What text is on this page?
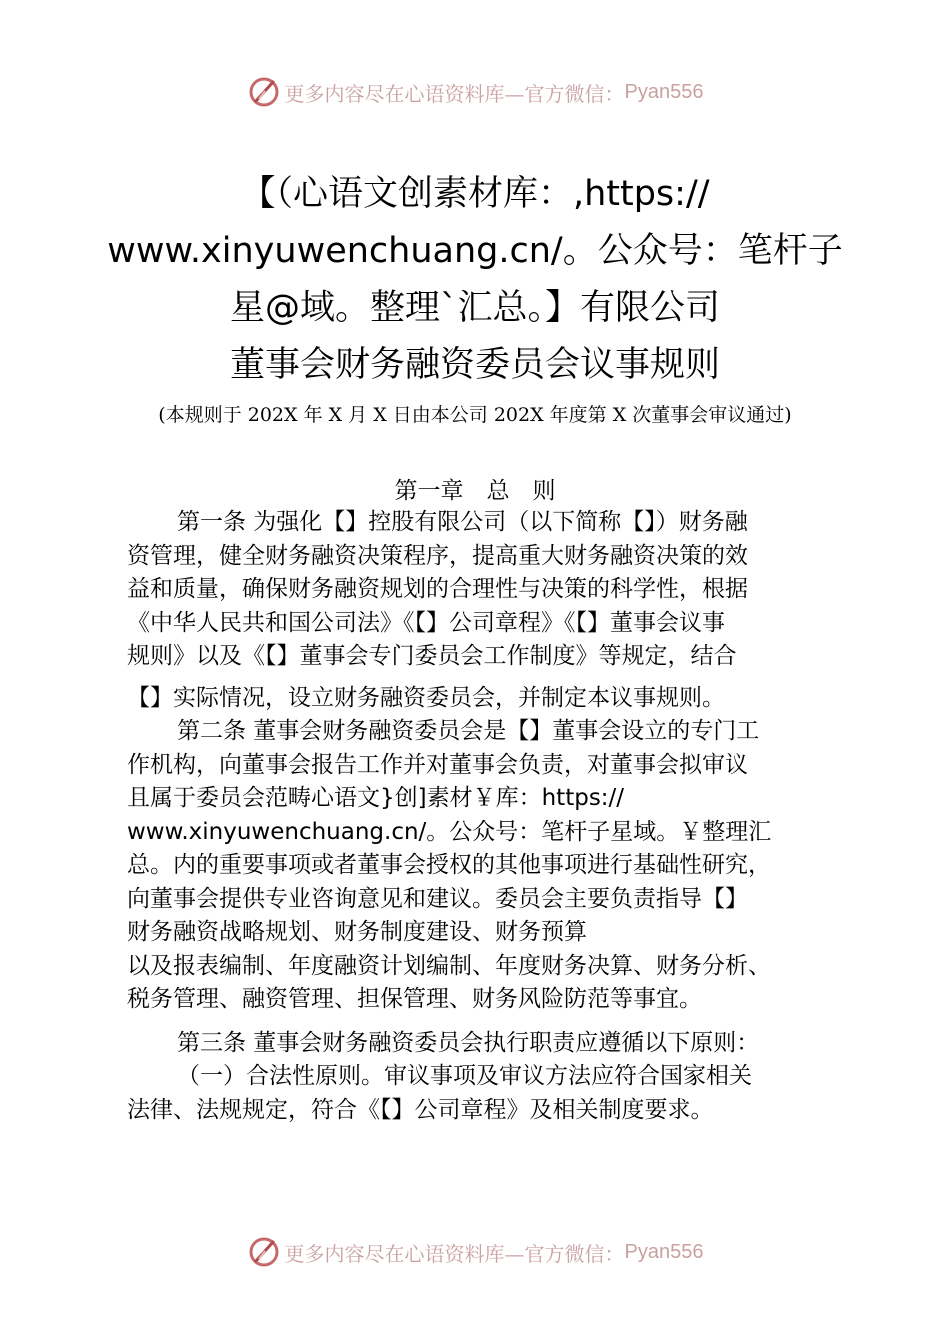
更多内容尽在心语资料库—官方微信： Pyan556
【（心语文创素材库：,https://
www.xinyuwenchuang.cn/。公众号：笔杆子
星@域。整理`汇总。】有限公司
董事会财务融资委员会议事规则
(本规则于 202X 年 X 月 X 日由本公司 202X 年度第 X 次董事会审议通过)
第一章　总　则

第一条 为强化【】控股有限公司（以下简称【】）财务融

资管理，健全财务融资决策程序，提高重大财务融资决策的效

益和质量，确保财务融资规划的合理性与决策的科学性，根据

《中华人民共和国公司法》《【】公司章程》《【】董事会议事

规则》以及《【】董事会专门委员会工作制度》等规定，结合

【】实际情况，设立财务融资委员会，并制定本议事规则。

第二条 董事会财务融资委员会是【】董事会设立的专门工

作机构，向董事会报告工作并对董事会负责，对董事会拟审议

且属于委员会范畴心语文}创]素材￥库：https://

www.xinyuwenchuang.cn/。公众号：笔杆子星域。￥整理汇

总。内的重要事项或者董事会授权的其他事项进行基础性研究，

向董事会提供专业咨询意见和建议。委员会主要负责指导【】

财务融资战略规划、财务制度建设、财务预算

以及报表编制、年度融资计划编制、年度财务决算、财务分析、

税务管理、融资管理、担保管理、财务风险防范等事宜。

第三条 董事会财务融资委员会执行职责应遵循以下原则：

（一）合法性原则。审议事项及审议方法应符合国家相关

法律、法规规定，符合《【】公司章程》及相关制度要求。

更多内容尽在心语资料库—官方微信： Pyan556
